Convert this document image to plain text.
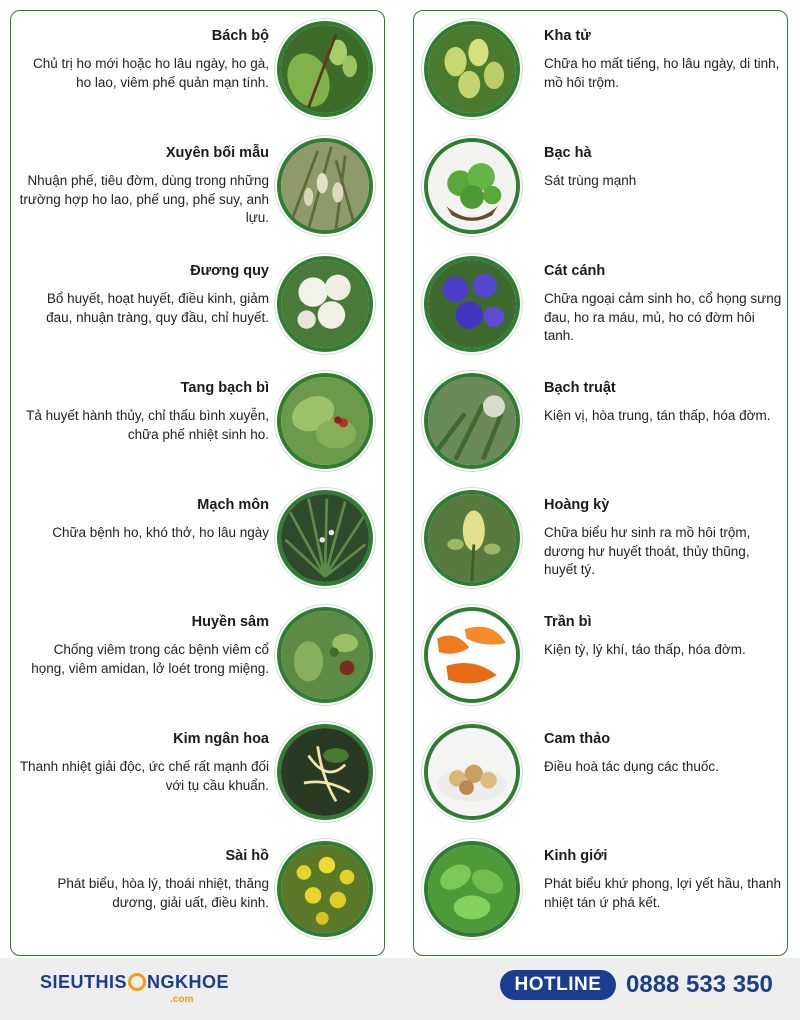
Bách bộ
Chủ trị ho mới hoặc ho lâu ngày, ho gà, ho lao, viêm phế quản mạn tính.
Xuyên bối mẫu
Nhuận phế, tiêu đờm, dùng trong những trường hợp ho lao, phế ung, phế suy, anh lựu.
Đương quy
Bổ huyết, hoạt huyết, điều kinh, giảm đau, nhuận tràng, quy đầu, chỉ huyết.
Tang bạch bì
Tả huyết hành thủy, chỉ thấu bình xuyễn, chữa phế nhiệt sinh ho.
Mạch môn
Chữa bệnh ho, khó thở, ho lâu ngày
Huyền sâm
Chống viêm trong các bệnh viêm cổ họng, viêm amidan, lở loét trong miệng.
Kim ngân hoa
Thanh nhiệt giải độc, ức chế rất mạnh đối với tụ cầu khuẩn.
Sài hồ
Phát biểu, hòa lý, thoái nhiệt, thăng dương, giải uất, điều kinh.
Kha tử
Chữa ho mất tiếng, ho lâu ngày, di tinh, mồ hôi trộm.
Bạc hà
Sát trùng mạnh
Cát cánh
Chữa ngoại cảm sinh ho, cổ họng sưng đau, ho ra máu, mủ, ho có đờm hôi tanh.
Bạch truật
Kiện vị, hòa trung, tán thấp, hóa đờm.
Hoàng kỳ
Chữa biểu hư sinh ra mồ hôi trộm, dương hư huyết thoát, thủy thũng, huyết tý.
Trần bì
Kiện tỳ, lý khí, táo thấp, hóa đờm.
Cam thảo
Điều hoà tác dụng các thuốc.
Kinh giới
Phát biểu khứ phong, lợi yết hầu, thanh nhiệt tán ứ phá kết.
SIEUTHIS NGKHOE
.com
HOTLINE	0888 533 350
